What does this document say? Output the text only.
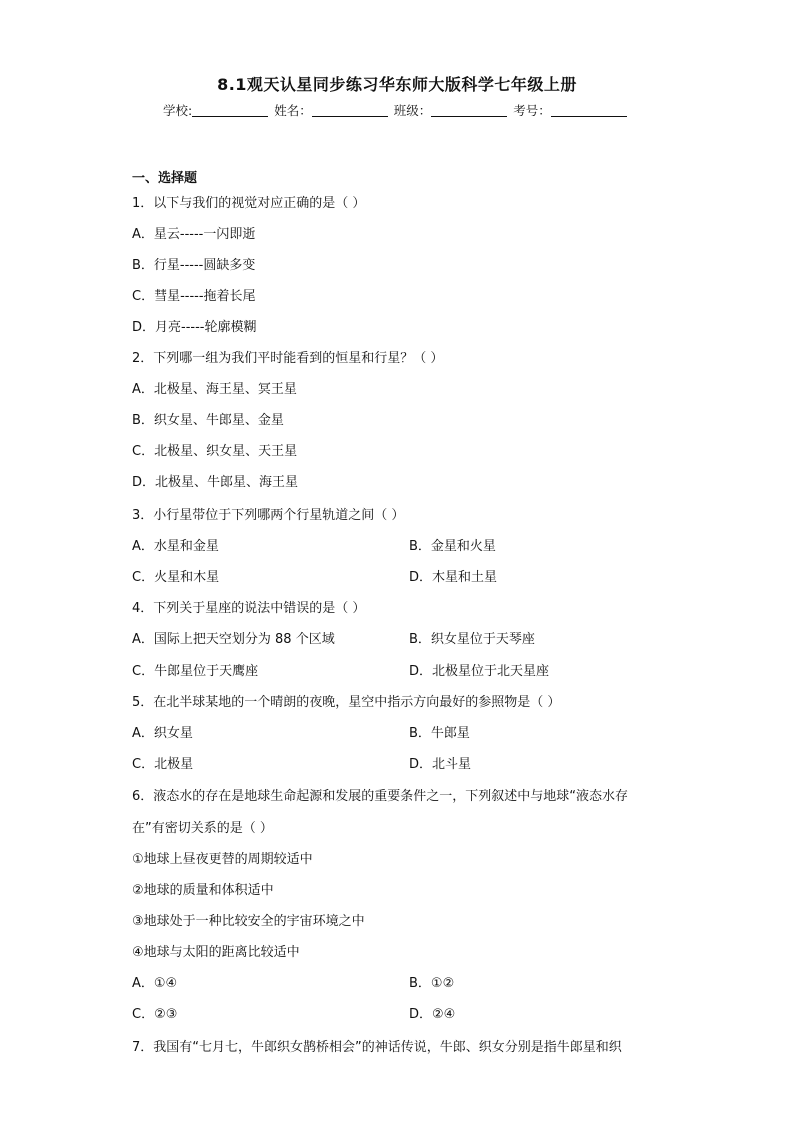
8.1观天认星同步练习华东师大版科学七年级上册
学校:	姓名：	班级：	考号：
一、选择题
1．以下与我们的视觉对应正确的是（ ）
A．星云-----一闪即逝
B．行星-----圆缺多变
C．彗星-----拖着长尾
D．月亮-----轮廓模糊
2．下列哪一组为我们平时能看到的恒星和行星？（ ）
A．北极星、海王星、冥王星
B．织女星、牛郎星、金星
C．北极星、织女星、天王星
D．北极星、牛郎星、海王星
3．小行星带位于下列哪两个行星轨道之间（ ）
A．水星和金星	B．金星和火星
C．火星和木星	D．木星和土星
4．下列关于星座的说法中错误的是（ ）
A．国际上把天空划分为 88 个区域	B．织女星位于天琴座
C．牛郎星位于天鹰座	D．北极星位于北天星座
5．在北半球某地的一个晴朗的夜晚，星空中指示方向最好的参照物是（ ）
A．织女星	B．牛郎星
C．北极星	D．北斗星
6．液态水的存在是地球生命起源和发展的重要条件之一，下列叙述中与地球“液态水存
在”有密切关系的是（ ）
①地球上昼夜更替的周期较适中
②地球的质量和体积适中
③地球处于一种比较安全的宇宙环境之中
④地球与太阳的距离比较适中
A．①④	B．①②
C．②③	D．②④
7．我国有“七月七，牛郎织女鹊桥相会”的神话传说，牛郎、织女分别是指牛郎星和织
